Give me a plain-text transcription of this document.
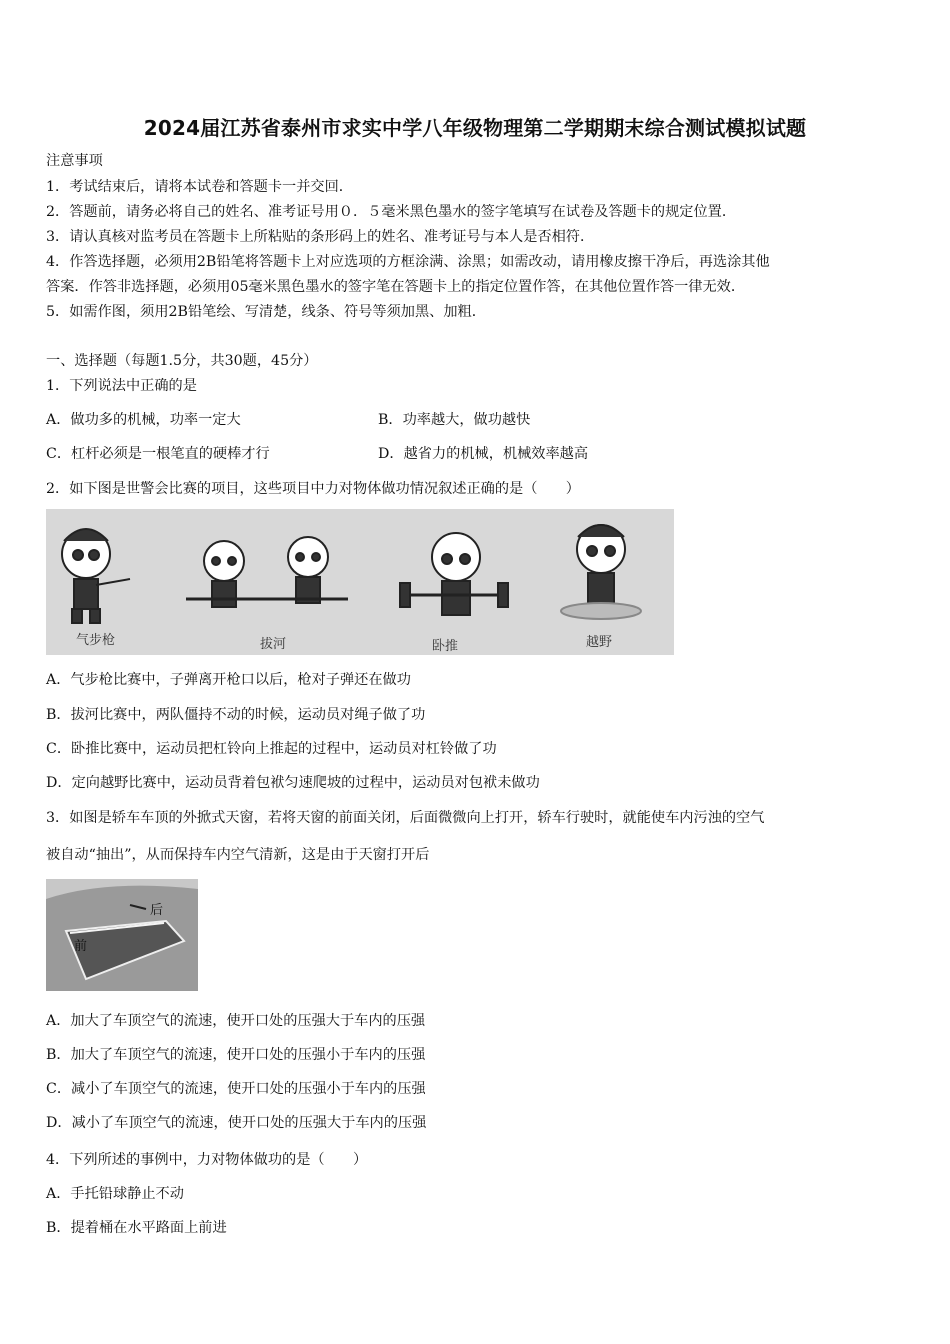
2024届江苏省泰州市求实中学八年级物理第二学期期末综合测试模拟试题
注意事项
1．考试结束后，请将本试卷和答题卡一并交回．
2．答题前，请务必将自己的姓名、准考证号用０．５毫米黑色墨水的签字笔填写在试卷及答题卡的规定位置．
3．请认真核对监考员在答题卡上所粘贴的条形码上的姓名、准考证号与本人是否相符．
4．作答选择题，必须用2B铅笔将答题卡上对应选项的方框涂满、涂黑；如需改动，请用橡皮擦干净后，再选涂其他
答案．作答非选择题，必须用05毫米黑色墨水的签字笔在答题卡上的指定位置作答，在其他位置作答一律无效．
5．如需作图，须用2B铅笔绘、写清楚，线条、符号等须加黑、加粗．
一、选择题（每题1.5分，共30题，45分）
1．下列说法中正确的是
A．做功多的机械，功率一定大	B．功率越大，做功越快
C．杠杆必须是一根笔直的硬棒才行	D．越省力的机械，机械效率越高
2．如下图是世警会比赛的项目，这些项目中力对物体做功情况叙述正确的是（　　）
气步枪	拔河	卧推	越野
A．气步枪比赛中，子弹离开枪口以后，枪对子弹还在做功
B．拔河比赛中，两队僵持不动的时候，运动员对绳子做了功
C．卧推比赛中，运动员把杠铃向上推起的过程中，运动员对杠铃做了功
D．定向越野比赛中，运动员背着包袱匀速爬坡的过程中，运动员对包袱未做功
3．如图是轿车车顶的外掀式天窗，若将天窗的前面关闭，后面微微向上打开，轿车行驶时，就能使车内污浊的空气
被自动“抽出”，从而保持车内空气清新，这是由于天窗打开后
后
前
A．加大了车顶空气的流速，使开口处的压强大于车内的压强
B．加大了车顶空气的流速，使开口处的压强小于车内的压强
C．减小了车顶空气的流速，使开口处的压强小于车内的压强
D．减小了车顶空气的流速，使开口处的压强大于车内的压强
4．下列所述的事例中，力对物体做功的是（　　）
A．手托铅球静止不动
B．提着桶在水平路面上前进
